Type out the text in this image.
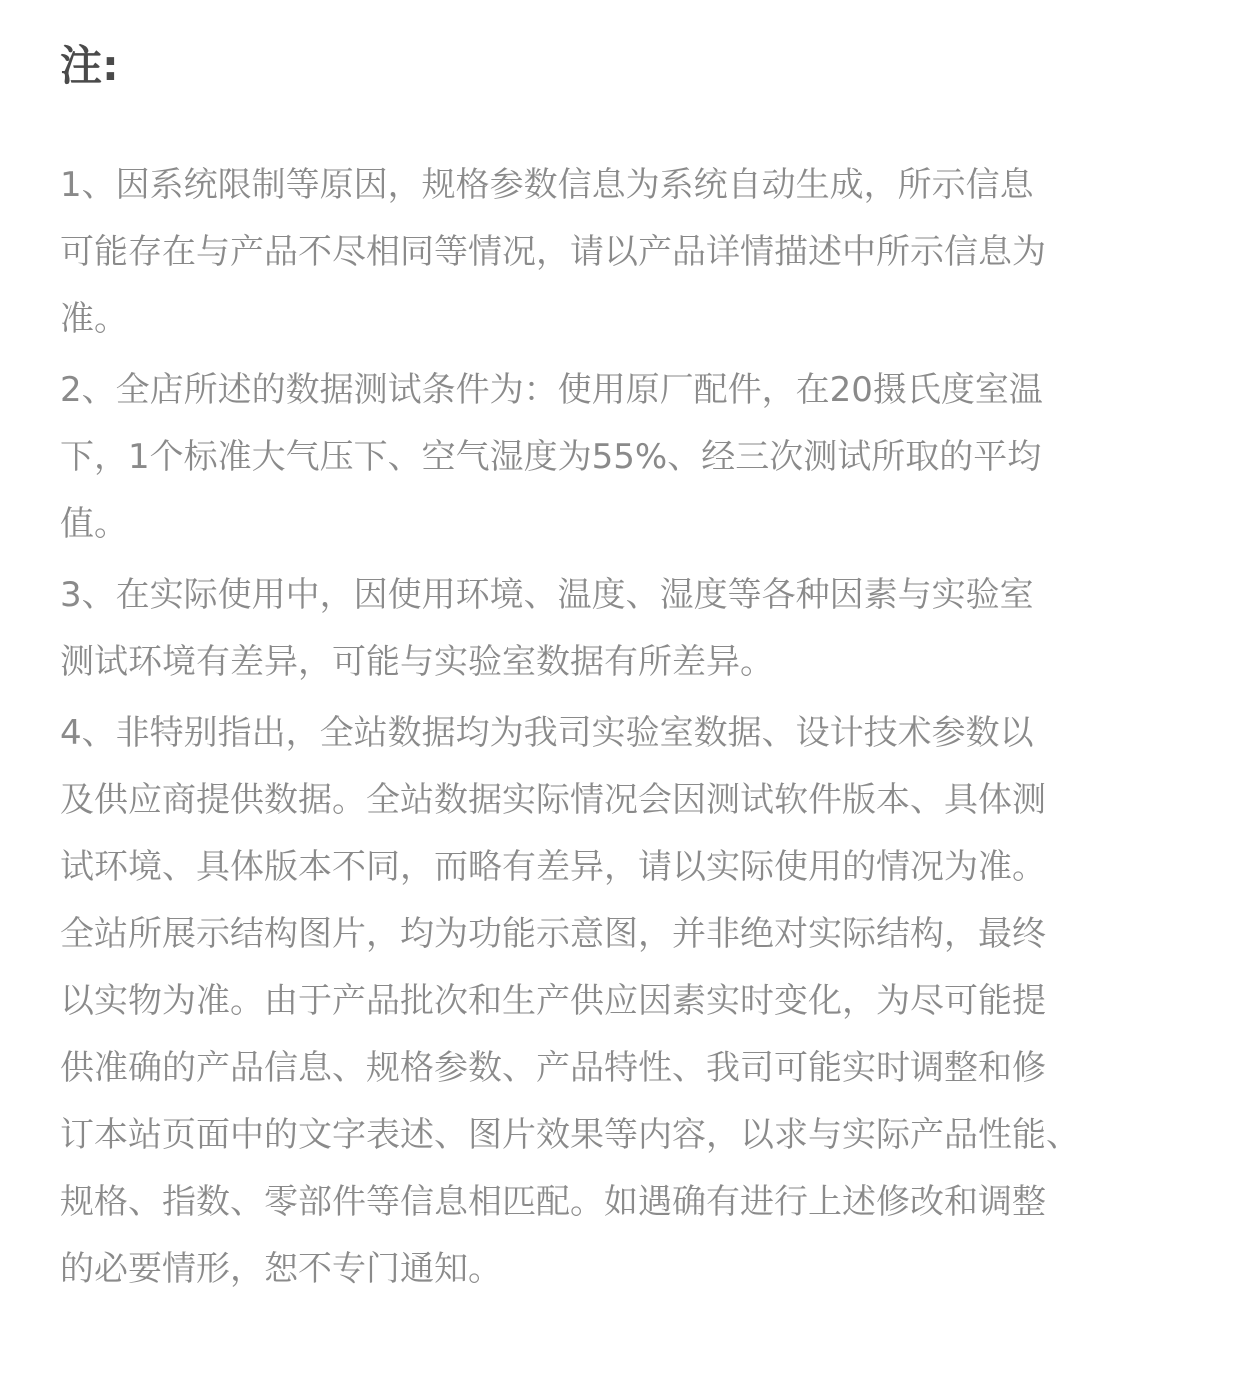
注:
1、因系统限制等原因，规格参数信息为系统自动生成，所示信息
可能存在与产品不尽相同等情况，请以产品详情描述中所示信息为
准。
2、全店所述的数据测试条件为：使用原厂配件，在20摄氏度室温
下，1个标准大气压下、空气湿度为55%、经三次测试所取的平均
值。
3、在实际使用中，因使用环境、温度、湿度等各种因素与实验室
测试环境有差异，可能与实验室数据有所差异。
4、非特别指出，全站数据均为我司实验室数据、设计技术参数以
及供应商提供数据。全站数据实际情况会因测试软件版本、具体测
试环境、具体版本不同，而略有差异，请以实际使用的情况为准。
全站所展示结构图片，均为功能示意图，并非绝对实际结构，最终
以实物为准。由于产品批次和生产供应因素实时变化，为尽可能提
供准确的产品信息、规格参数、产品特性、我司可能实时调整和修
订本站页面中的文字表述、图片效果等内容，以求与实际产品性能、
规格、指数、零部件等信息相匹配。如遇确有进行上述修改和调整
的必要情形，恕不专门通知。
